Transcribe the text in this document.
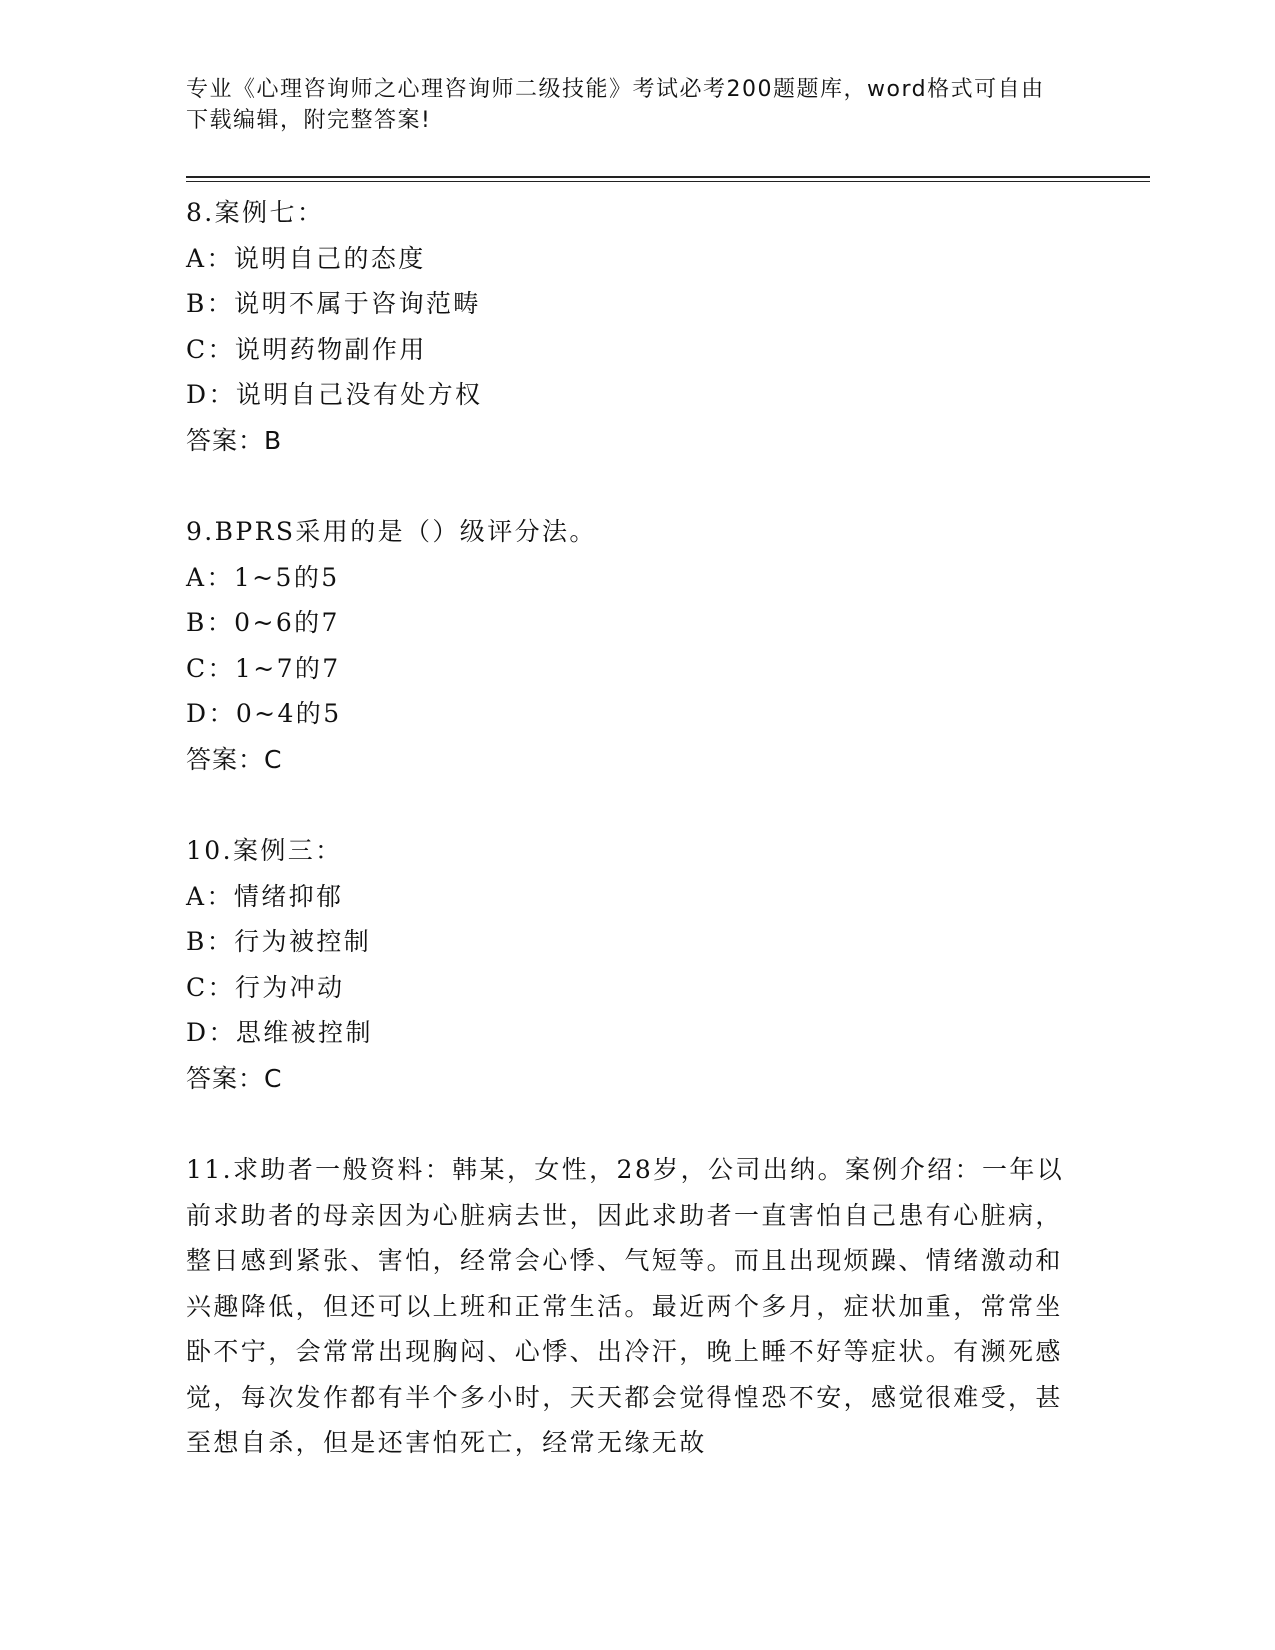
专业《心理咨询师之心理咨询师二级技能》考试必考200题题库，word格式可自由下载编辑，附完整答案!
8.案例七：
A：说明自己的态度
B：说明不属于咨询范畴
C：说明药物副作用
D：说明自己没有处方权
答案：B
9.BPRS采用的是（）级评分法。
A：1~5的5
B：0~6的7
C：1~7的7
D：0~4的5
答案：C
10.案例三：
A：情绪抑郁
B：行为被控制
C：行为冲动
D：思维被控制
答案：C
11.求助者一般资料：韩某，女性，28岁，公司出纳。案例介绍：一年以前求助者的母亲因为心脏病去世，因此求助者一直害怕自己患有心脏病，整日感到紧张、害怕，经常会心悸、气短等。而且出现烦躁、情绪激动和兴趣降低，但还可以上班和正常生活。最近两个多月，症状加重，常常坐卧不宁，会常常出现胸闷、心悸、出冷汗，晚上睡不好等症状。有濒死感觉，每次发作都有半个多小时，天天都会觉得惶恐不安，感觉很难受，甚至想自杀，但是还害怕死亡，经常无缘无故
